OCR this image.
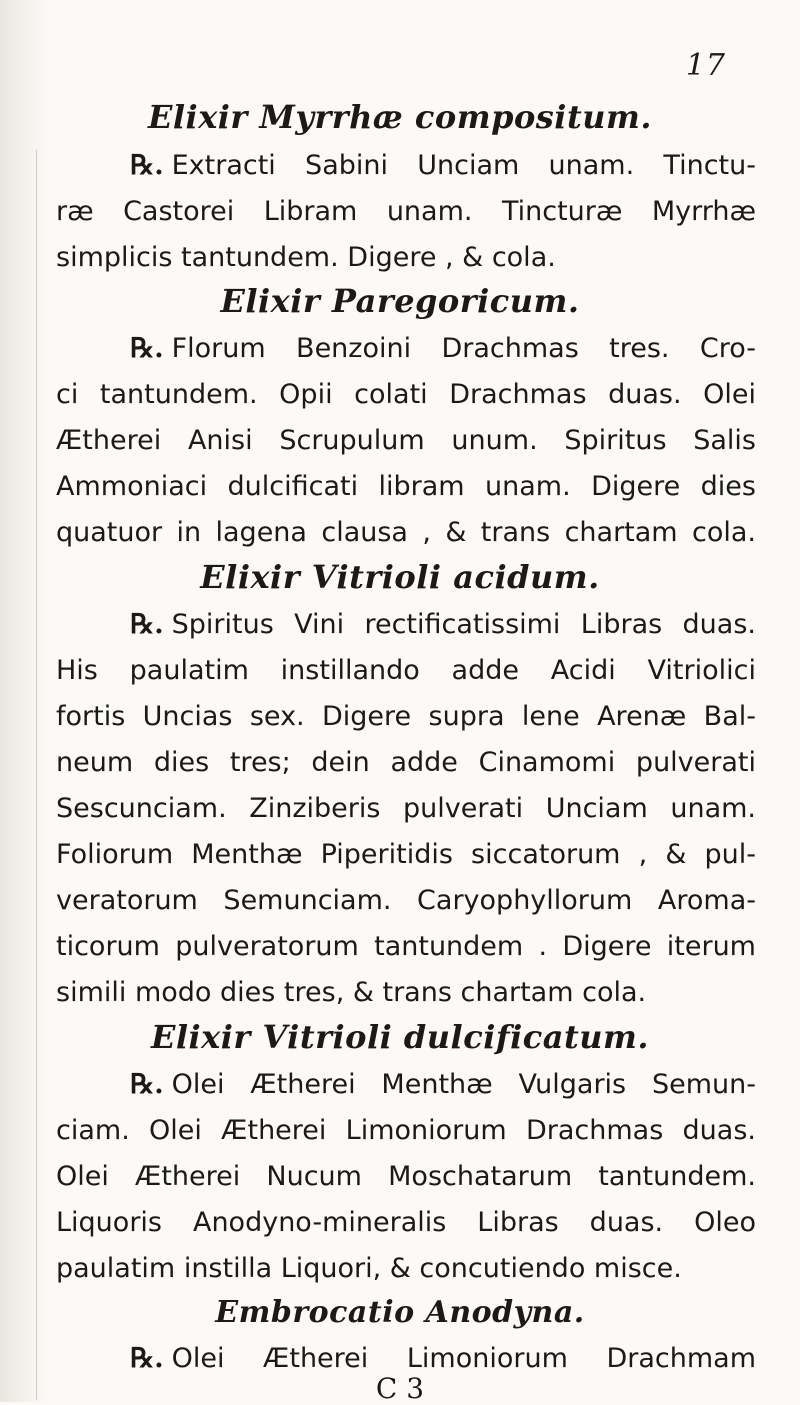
17
Elixir Myrrhæ compositum.
℞. Extracti Sabini Unciam unam. Tinctu-
ræ Castorei Libram unam. Tincturæ Myrrhæ
simplicis tantundem. Digere , & cola.
Elixir Paregoricum.
℞. Florum Benzoini Drachmas tres. Cro-
ci tantundem. Opii colati Drachmas duas. Olei
Ætherei Anisi Scrupulum unum. Spiritus Salis
Ammoniaci dulcificati libram unam. Digere dies
quatuor in lagena clausa , & trans chartam cola.
Elixir Vitrioli acidum.
℞. Spiritus Vini rectificatissimi Libras duas.
His paulatim instillando adde Acidi Vitriolici
fortis Uncias sex. Digere supra lene Arenæ Bal-
neum dies tres; dein adde Cinamomi pulverati
Sescunciam. Zinziberis pulverati Unciam unam.
Foliorum Menthæ Piperitidis siccatorum , & pul-
veratorum Semunciam. Caryophyllorum Aroma-
ticorum pulveratorum tantundem . Digere iterum
simili modo dies tres, & trans chartam cola.
Elixir Vitrioli dulcificatum.
℞. Olei Ætherei Menthæ Vulgaris Semun-
ciam. Olei Ætherei Limoniorum Drachmas duas.
Olei Ætherei Nucum Moschatarum tantundem.
Liquoris Anodyno-mineralis Libras duas. Oleo
paulatim instilla Liquori, & concutiendo misce.
Embrocatio Anodyna.
℞. Olei Ætherei Limoniorum Drachmam
C 3
